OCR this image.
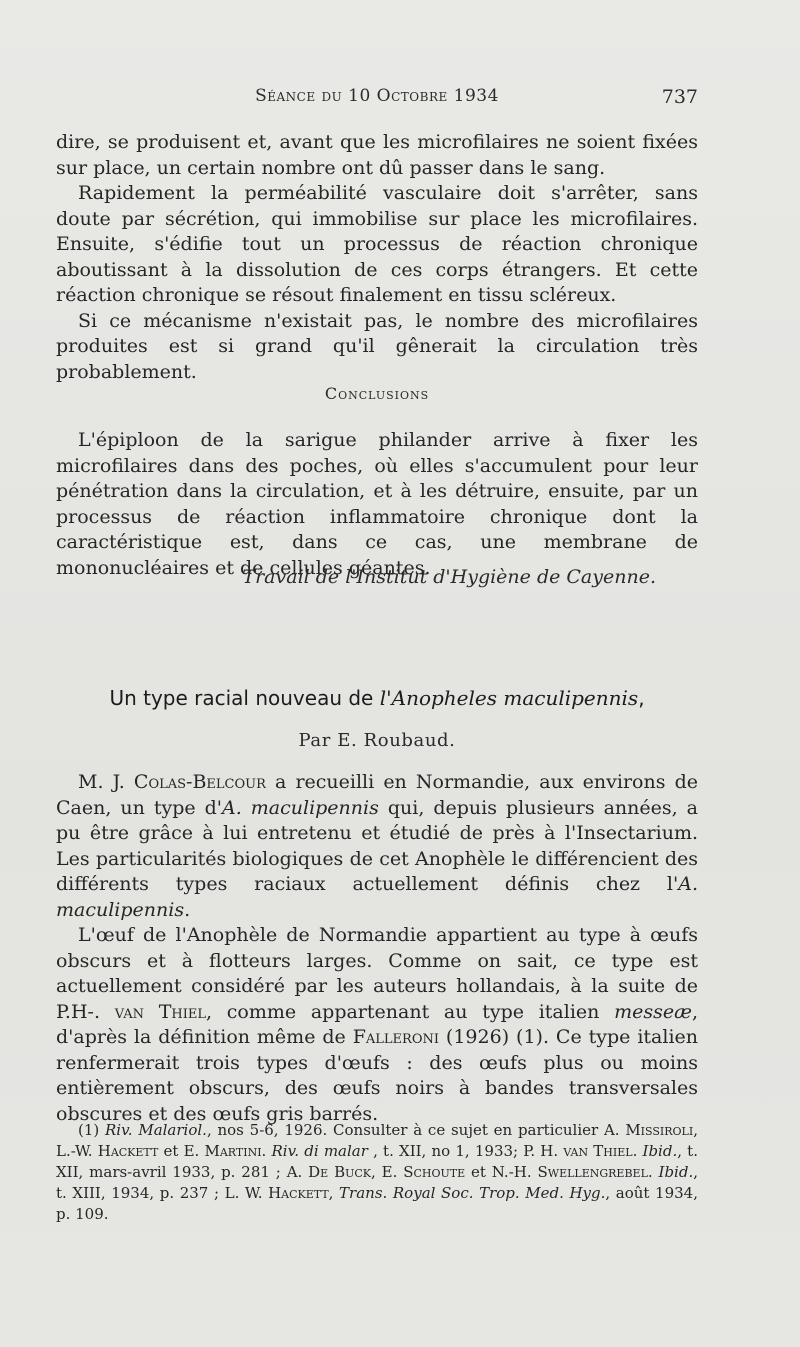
Séance du 10 Octobre 1934	737

dire, se produisent et, avant que les microfilaires ne soient fixées sur place, un certain nombre ont dû passer dans le sang.

Rapidement la perméabilité vasculaire doit s'arrêter, sans doute par sécrétion, qui immobilise sur place les microfilaires. Ensuite, s'édifie tout un processus de réaction chronique aboutissant à la dissolution de ces corps étrangers. Et cette réaction chronique se résout finalement en tissu scléreux.

Si ce mécanisme n'existait pas, le nombre des microfilaires produites est si grand qu'il gênerait la circulation très probablement.

Conclusions

L'épiploon de la sarigue philander arrive à fixer les microfilaires dans des poches, où elles s'accumulent pour leur pénétration dans la circulation, et à les détruire, ensuite, par un processus de réaction inflammatoire chronique dont la caractéristique est, dans ce cas, une membrane de mononucléaires et de cellules géantes.

Travail de l'Institut d'Hygiène de Cayenne.
Un type racial nouveau de l'Anopheles maculipennis,
Par E. Roubaud.

M. J. Colas-Belcour a recueilli en Normandie, aux environs de Caen, un type d'A. maculipennis qui, depuis plusieurs années, a pu être grâce à lui entretenu et étudié de près à l'Insectarium. Les particularités biologiques de cet Anophèle le différencient des différents types raciaux actuellement définis chez l'A. maculipennis.

L'œuf de l'Anophèle de Normandie appartient au type à œufs obscurs et à flotteurs larges. Comme on sait, ce type est actuellement considéré par les auteurs hollandais, à la suite de P.H-. van Thiel, comme appartenant au type italien messeæ, d'après la définition même de Falleroni (1926) (1). Ce type italien renfermerait trois types d'œufs : des œufs plus ou moins entièrement obscurs, des œufs noirs à bandes transversales obscures et des œufs gris barrés.

(1) Riv. Malariol., nos 5-6, 1926. Consulter à ce sujet en particulier A. Missiroli, L.-W. Hackett et E. Martini. Riv. di malar , t. XII, no 1, 1933; P. H. van Thiel. Ibid., t. XII, mars-avril 1933, p. 281 ; A. De Buck, E. Schoute et N.-H. Swellengrebel. Ibid., t. XIII, 1934, p. 237 ; L. W. Hackett, Trans. Royal Soc. Trop. Med. Hyg., août 1934, p. 109.
